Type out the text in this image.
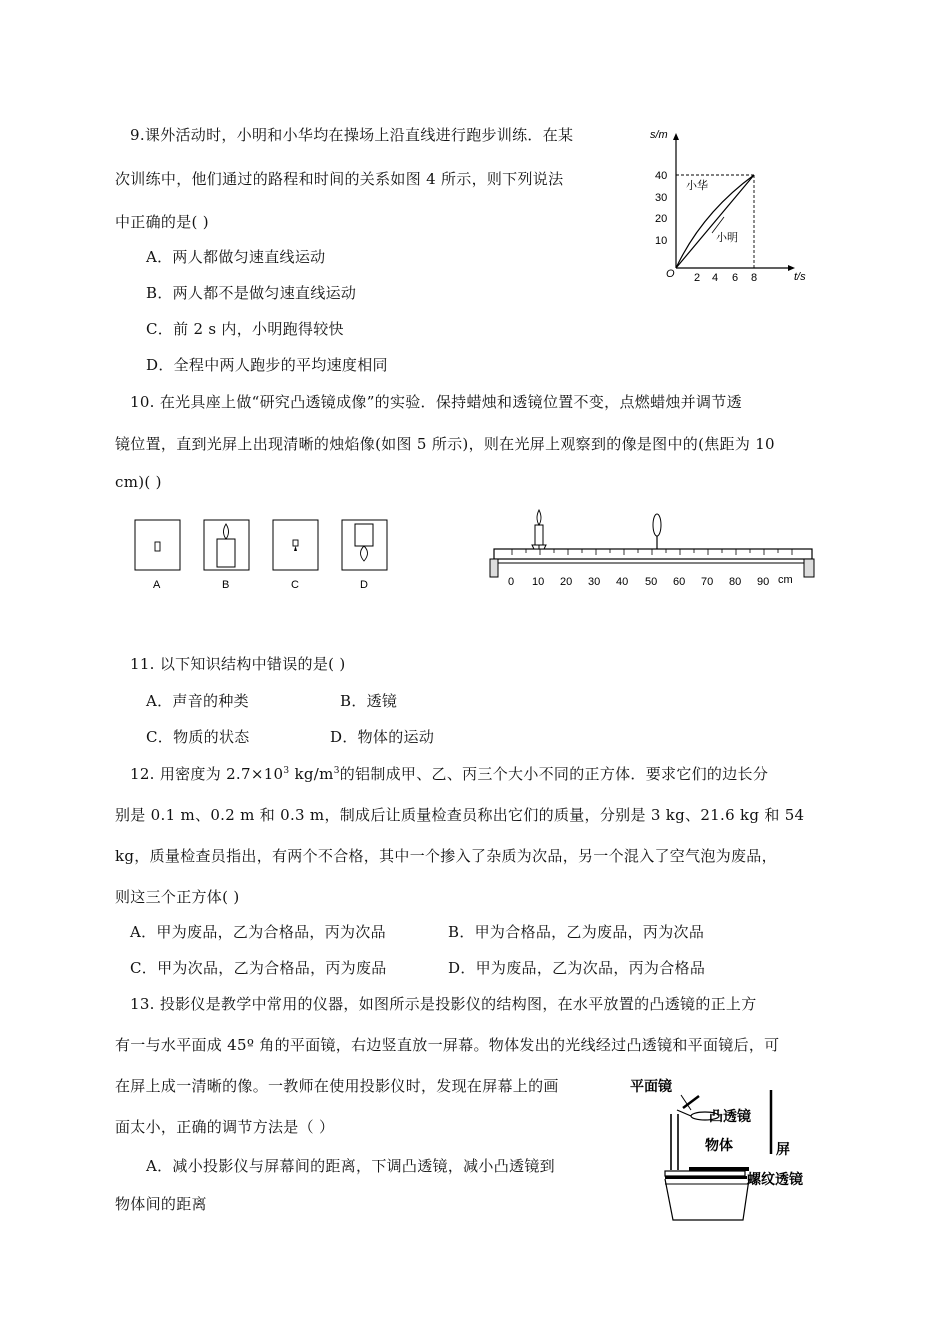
9.课外活动时，小明和小华均在操场上沿直线进行跑步训练．在某
次训练中，他们通过的路程和时间的关系如图 4 所示，则下列说法
中正确的是( )
A．两人都做匀速直线运动
B．两人都不是做匀速直线运动
C．前 2 s 内，小明跑得较快
D．全程中两人跑步的平均速度相同
s/m
t/s
O
40
30
20
10
2 4 6 8
小华
小明
10. 在光具座上做“研究凸透镜成像”的实验．保持蜡烛和透镜位置不变，点燃蜡烛并调节透
镜位置，直到光屏上出现清晰的烛焰像(如图 5 所示)，则在光屏上观察到的像是图中的(焦距为 10
cm)( )
A	B	C	D	0 10 20 30 40 50 60 70 80 90 cm
11. 以下知识结构中错误的是( )
A．声音的种类	B．透镜
C．物质的状态	D．物体的运动
12. 用密度为 $2.7\times 10^3$ $kg/m^3$的铝制成甲、乙、丙三个大小不同的正方体．要求它们的边长分
别是 0.1 m、0.2 m 和 0.3 m，制成后让质量检查员称出它们的质量，分别是 3 kg、21.6 kg 和 54
kg，质量检查员指出，有两个不合格，其中一个掺入了杂质为次品，另一个混入了空气泡为废品，
则这三个正方体( )
A．甲为废品，乙为合格品，丙为次品	B．甲为合格品，乙为废品，丙为次品
C．甲为次品，乙为合格品，丙为废品	D．甲为废品，乙为次品，丙为合格品
13. 投影仪是教学中常用的仪器，如图所示是投影仪的结构图，在水平放置的凸透镜的正上方
有一与水平面成 45º 角的平面镜，右边竖直放一屏幕。物体发出的光线经过凸透镜和平面镜后，可
在屏上成一清晰的像。一教师在使用投影仪时，发现在屏幕上的画
面太小，正确的调节方法是（ ）
A．减小投影仪与屏幕间的距离，下调凸透镜，减小凸透镜到
物体间的距离
平面镜
凸透镜
屏
物体
螺纹透镜
